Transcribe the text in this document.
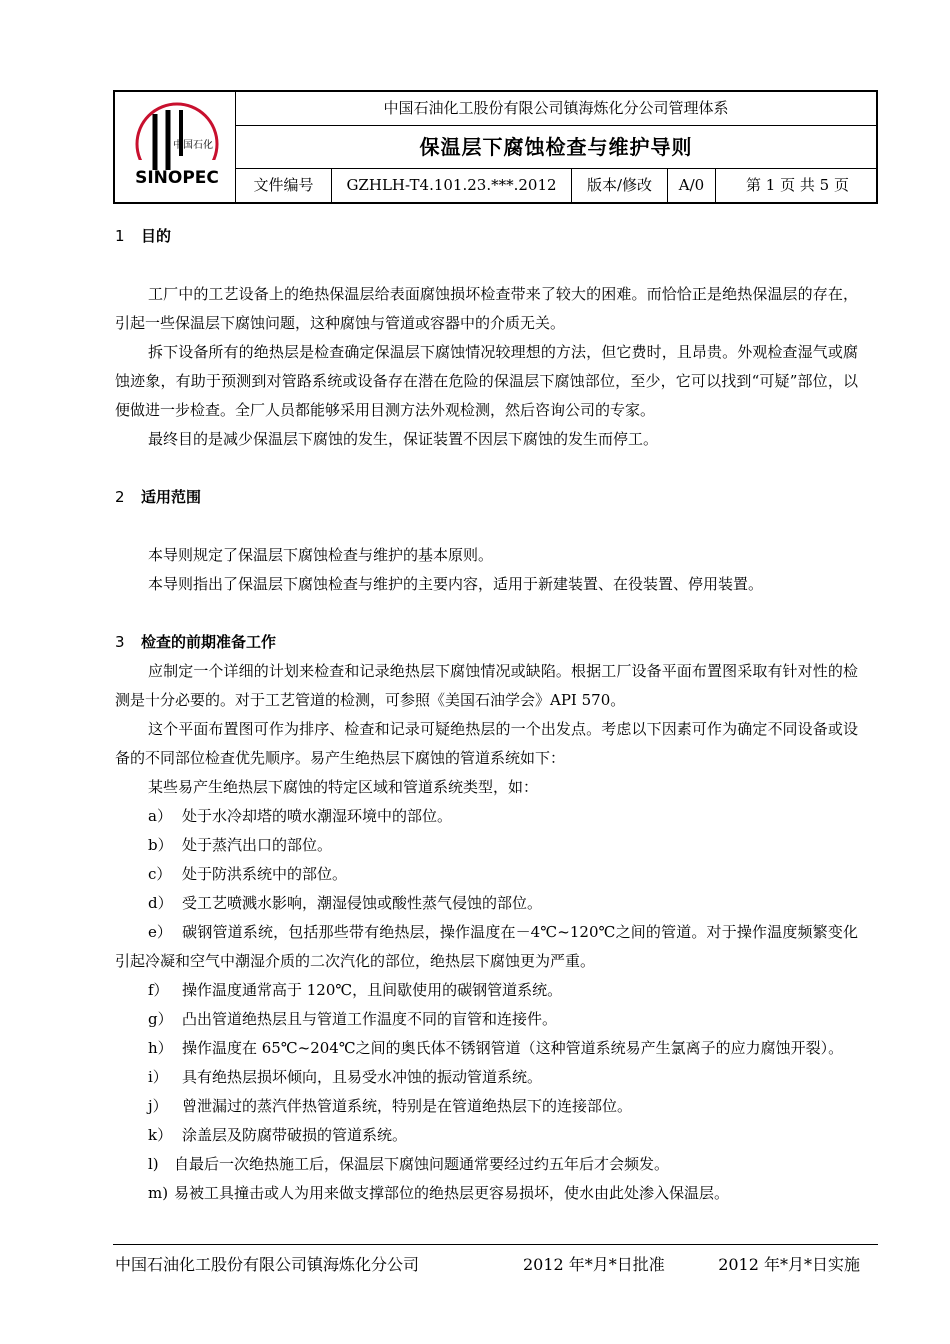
中国石化
SINOPEC
中国石油化工股份有限公司镇海炼化分公司管理体系
保温层下腐蚀检查与维护导则
文件编号	GZHLH-T4.101.23.***.2012	版本/修改	A/0	第 1 页 共 5 页
1 目的

工厂中的工艺设备上的绝热保温层给表面腐蚀损坏检查带来了较大的困难。而恰恰正是绝热保温层的存在，引起一些保温层下腐蚀问题，这种腐蚀与管道或容器中的介质无关。

拆下设备所有的绝热层是检查确定保温层下腐蚀情况较理想的方法，但它费时，且昂贵。外观检查湿气或腐蚀迹象，有助于预测到对管路系统或设备存在潜在危险的保温层下腐蚀部位，至少，它可以找到“可疑”部位，以便做进一步检查。全厂人员都能够采用目测方法外观检测，然后咨询公司的专家。

最终目的是减少保温层下腐蚀的发生，保证装置不因层下腐蚀的发生而停工。

2 适用范围

本导则规定了保温层下腐蚀检查与维护的基本原则。

本导则指出了保温层下腐蚀检查与维护的主要内容，适用于新建装置、在役装置、停用装置。

3 检查的前期准备工作

应制定一个详细的计划来检查和记录绝热层下腐蚀情况或缺陷。根据工厂设备平面布置图采取有针对性的检测是十分必要的。对于工艺管道的检测，可参照《美国石油学会》API 570。

这个平面布置图可作为排序、检查和记录可疑绝热层的一个出发点。考虑以下因素可作为确定不同设备或设备的不同部位检查优先顺序。易产生绝热层下腐蚀的管道系统如下：

某些易产生绝热层下腐蚀的特定区域和管道系统类型，如：

a） 处于水冷却塔的喷水潮湿环境中的部位。
b） 处于蒸汽出口的部位。
c） 处于防洪系统中的部位。
d） 受工艺喷溅水影响，潮湿侵蚀或酸性蒸气侵蚀的部位。
e） 碳钢管道系统，包括那些带有绝热层，操作温度在－4℃~120℃之间的管道。对于操作温度频繁变化引起冷凝和空气中潮湿介质的二次汽化的部位，绝热层下腐蚀更为严重。
f） 操作温度通常高于 120℃，且间歇使用的碳钢管道系统。
g） 凸出管道绝热层且与管道工作温度不同的盲管和连接件。
h） 操作温度在 65℃~204℃之间的奥氏体不锈钢管道（这种管道系统易产生氯离子的应力腐蚀开裂）。
i） 具有绝热层损坏倾向，且易受水冲蚀的振动管道系统。
j） 曾泄漏过的蒸汽伴热管道系统，特别是在管道绝热层下的连接部位。
k） 涂盖层及防腐带破损的管道系统。
l) 自最后一次绝热施工后，保温层下腐蚀问题通常要经过约五年后才会频发。
m) 易被工具撞击或人为用来做支撑部位的绝热层更容易损坏，使水由此处渗入保温层。
中国石油化工股份有限公司镇海炼化分公司	2012 年*月*日批准	2012 年*月*日实施
